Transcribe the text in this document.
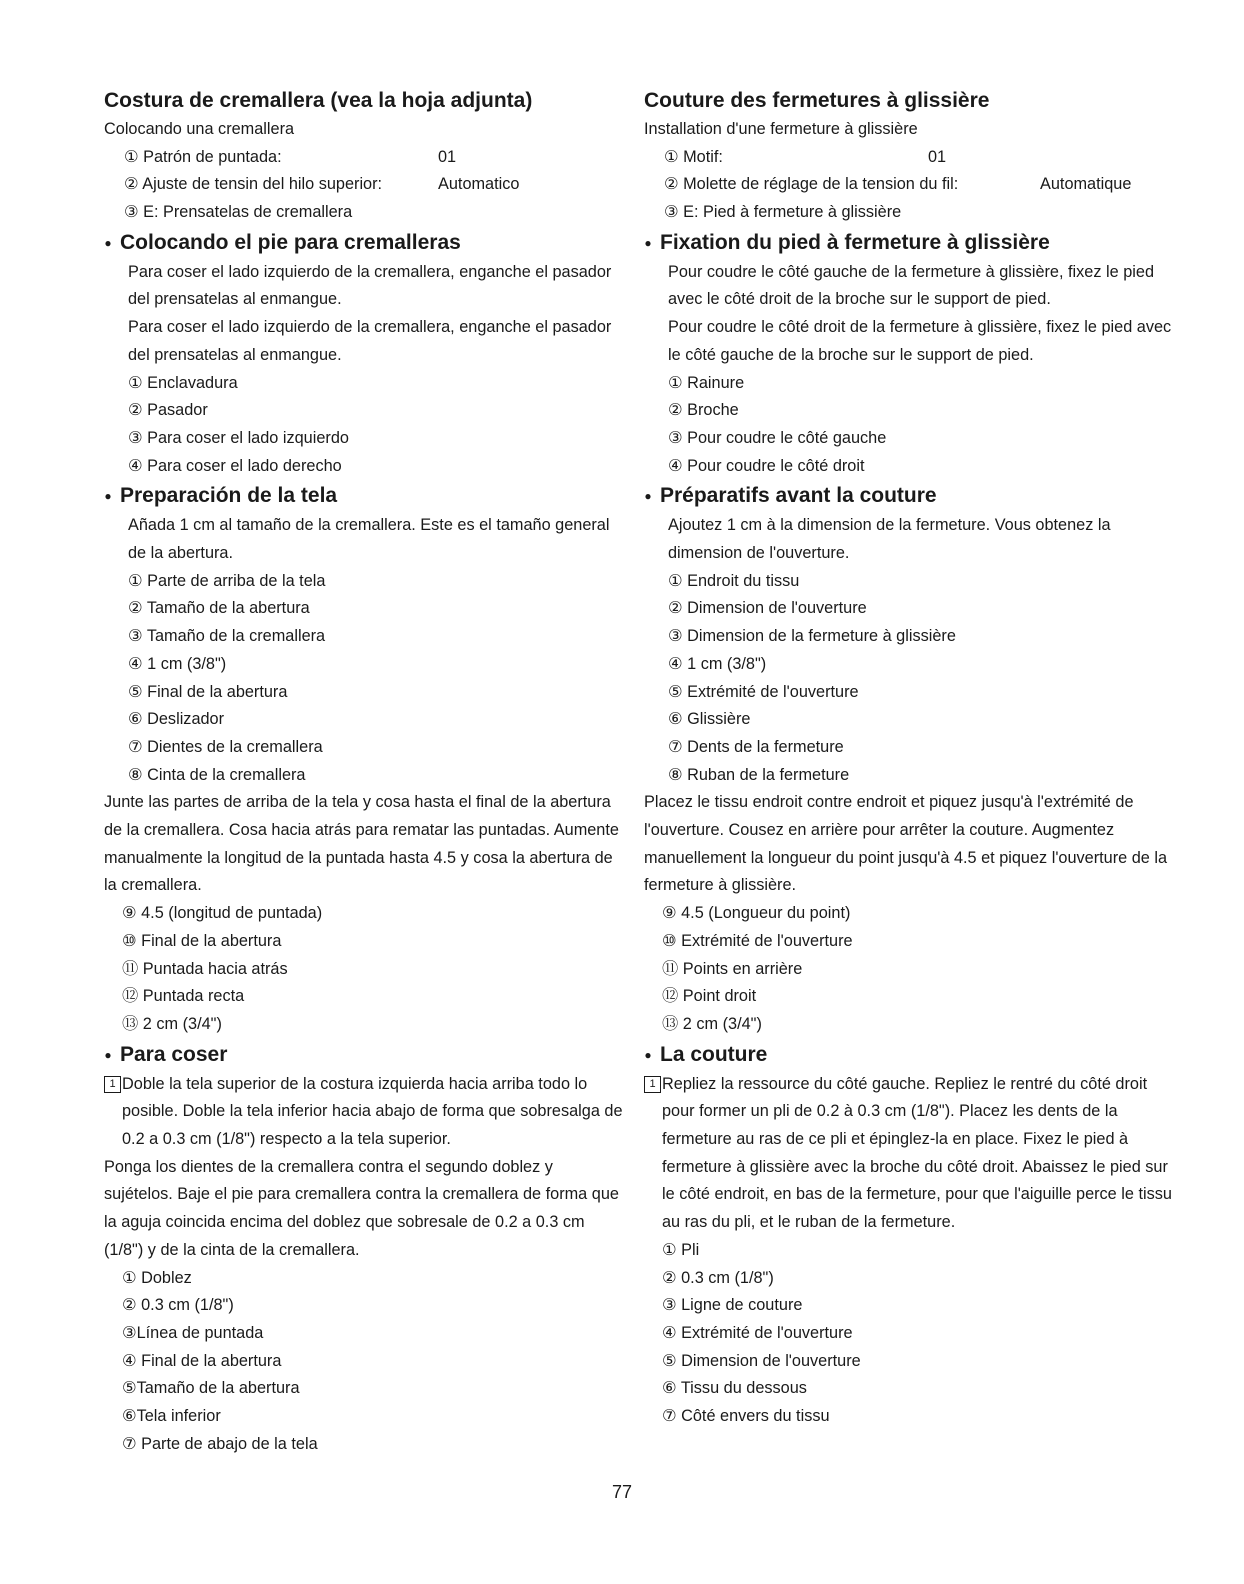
Costura de cremallera (vea la hoja adjunta)

Colocando una cremallera

① Patrón de puntada:	01

② Ajuste de tensin del hilo superior:	Automatico

③ E: Prensatelas de cremallera

● Colocando el pie para cremalleras

Para coser el lado izquierdo de la cremallera, enganche el pasador del prensatelas al enmangue.

Para coser el lado izquierdo de la cremallera, enganche el pasador del prensatelas al enmangue.

① Enclavadura

② Pasador

③ Para coser el lado izquierdo

④ Para coser el lado derecho

● Preparación de la tela

Añada 1 cm al tamaño de la cremallera. Este es el tamaño general de la abertura.

① Parte de arriba de la tela

② Tamaño de la abertura

③ Tamaño de la cremallera

④ 1 cm (3/8")

⑤ Final de la abertura

⑥ Deslizador

⑦ Dientes de la cremallera

⑧ Cinta de la cremallera

Junte las partes de arriba de la tela y cosa hasta el final de la abertura de la cremallera. Cosa hacia atrás para rematar las puntadas. Aumente manualmente la longitud de la puntada hasta 4.5 y cosa la abertura de la cremallera.

⑨ 4.5 (longitud de puntada)

⑩ Final de la abertura

⑪ Puntada hacia atrás

⑫ Puntada recta

⑬ 2 cm (3/4")

● Para coser

1 Doble la tela superior de la costura izquierda hacia arriba todo lo posible. Doble la tela inferior hacia abajo de forma que sobresalga de 0.2 a 0.3 cm (1/8") respecto a la tela superior.

Ponga los dientes de la cremallera contra el segundo doblez y sujételos. Baje el pie para cremallera contra la cremallera de forma que la aguja coincida encima del doblez que sobresale de 0.2 a 0.3 cm (1/8") y de la cinta de la cremallera.

① Doblez

② 0.3 cm (1/8")

③Línea de puntada

④ Final de la abertura

⑤Tamaño de la abertura

⑥Tela inferior

⑦ Parte de abajo de la tela

Couture des fermetures à glissière

Installation d'une fermeture à glissière

① Motif:	01

② Molette de réglage de la tension du fil:	Automatique

③ E: Pied à fermeture à glissière

● Fixation du pied à fermeture à glissière

Pour coudre le côté gauche de la fermeture à glissière, fixez le pied avec le côté droit de la broche sur le support de pied.

Pour coudre le côté droit de la fermeture à glissière, fixez le pied avec le côté gauche de la broche sur le support de pied.

① Rainure

② Broche

③ Pour coudre le côté gauche

④ Pour coudre le côté droit

● Préparatifs avant la couture

Ajoutez 1 cm à la dimension de la fermeture. Vous obtenez la dimension de l'ouverture.

① Endroit du tissu

② Dimension de l'ouverture

③ Dimension de la fermeture à glissière

④ 1 cm (3/8")

⑤ Extrémité de l'ouverture

⑥ Glissière

⑦ Dents de la fermeture

⑧ Ruban de la fermeture

Placez le tissu endroit contre endroit et piquez jusqu'à l'extrémité de l'ouverture. Cousez en arrière pour arrêter la couture. Augmentez manuellement la longueur du point jusqu'à 4.5 et piquez l'ouverture de la fermeture à glissière.

⑨ 4.5 (Longueur du point)

⑩ Extrémité de l'ouverture

⑪ Points en arrière

⑫ Point droit

⑬ 2 cm (3/4")

● La couture

1 Repliez la ressource du côté gauche. Repliez le rentré du côté droit pour former un pli de 0.2 à 0.3 cm (1/8"). Placez les dents de la fermeture au ras de ce pli et épinglez-la en place. Fixez le pied à fermeture à glissière avec la broche du côté droit. Abaissez le pied sur le côté endroit, en bas de la fermeture, pour que l'aiguille perce le tissu au ras du pli, et le ruban de la fermeture.

① Pli

② 0.3 cm (1/8")

③ Ligne de couture

④ Extrémité de l'ouverture

⑤ Dimension de l'ouverture

⑥ Tissu du dessous

⑦ Côté envers du tissu

77
